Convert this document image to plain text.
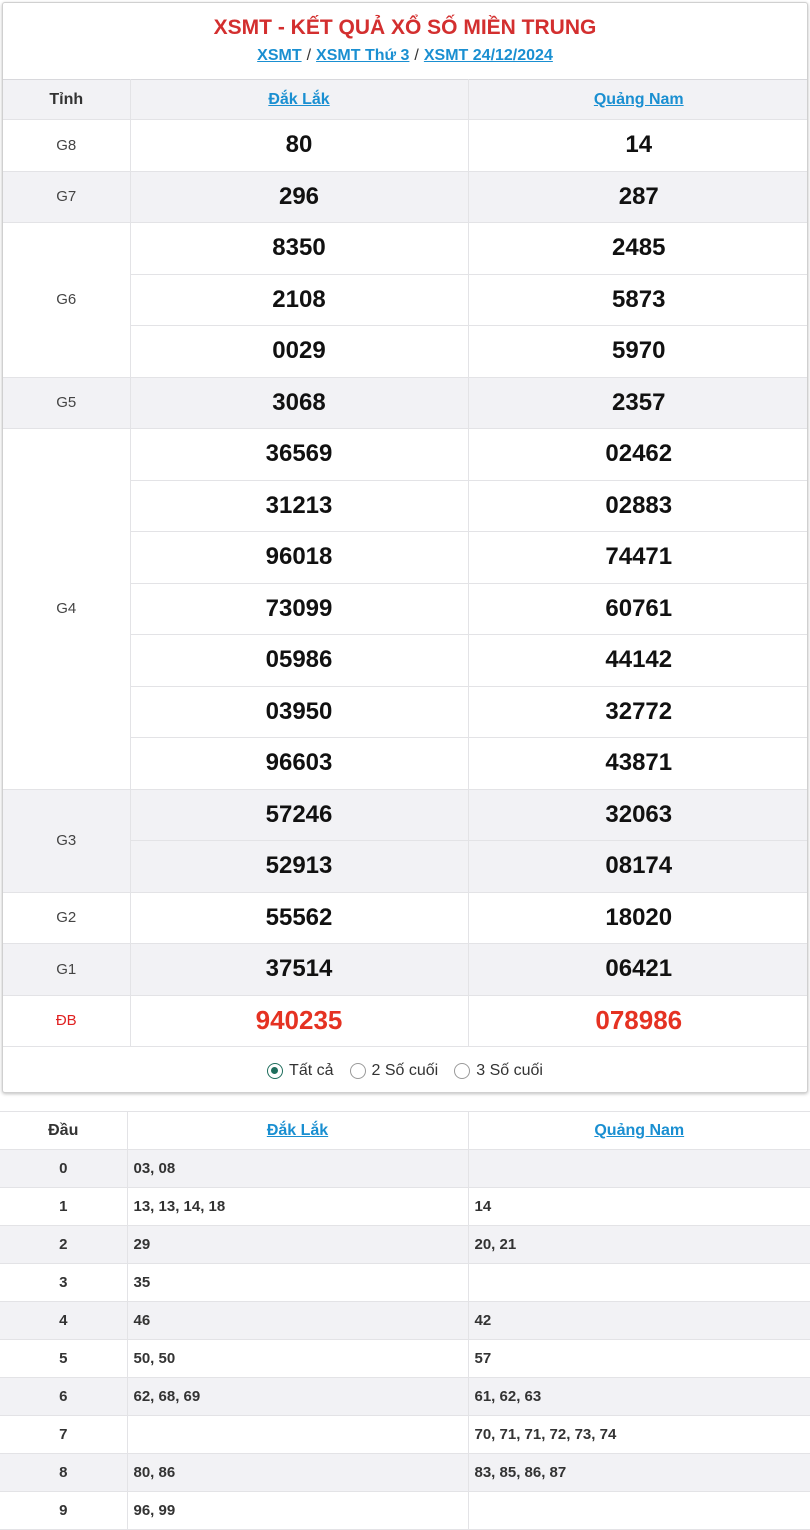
XSMT - KẾT QUẢ XỔ SỐ MIỀN TRUNG
XSMT / XSMT Thứ 3 / XSMT 24/12/2024
Tỉnh	Đắk Lắk	Quảng Nam
G8	80	14
G7	296	287
G6	8350	2485
	2108	5873
	0029	5970
G5	3068	2357
G4	36569	02462
	31213	02883
	96018	74471
	73099	60761
	05986	44142
	03950	32772
	96603	43871
G3	57246	32063
	52913	08174
G2	55562	18020
G1	37514	06421
ĐB	940235	078986
Tất cả 2 Số cuối 3 Số cuối
Đầu	Đắk Lắk	Quảng Nam
0	03, 08	
1	13, 13, 14, 18	14
2	29	20, 21
3	35	
4	46	42
5	50, 50	57
6	62, 68, 69	61, 62, 63
7		70, 71, 71, 72, 73, 74
8	80, 86	83, 85, 86, 87
9	96, 99	
